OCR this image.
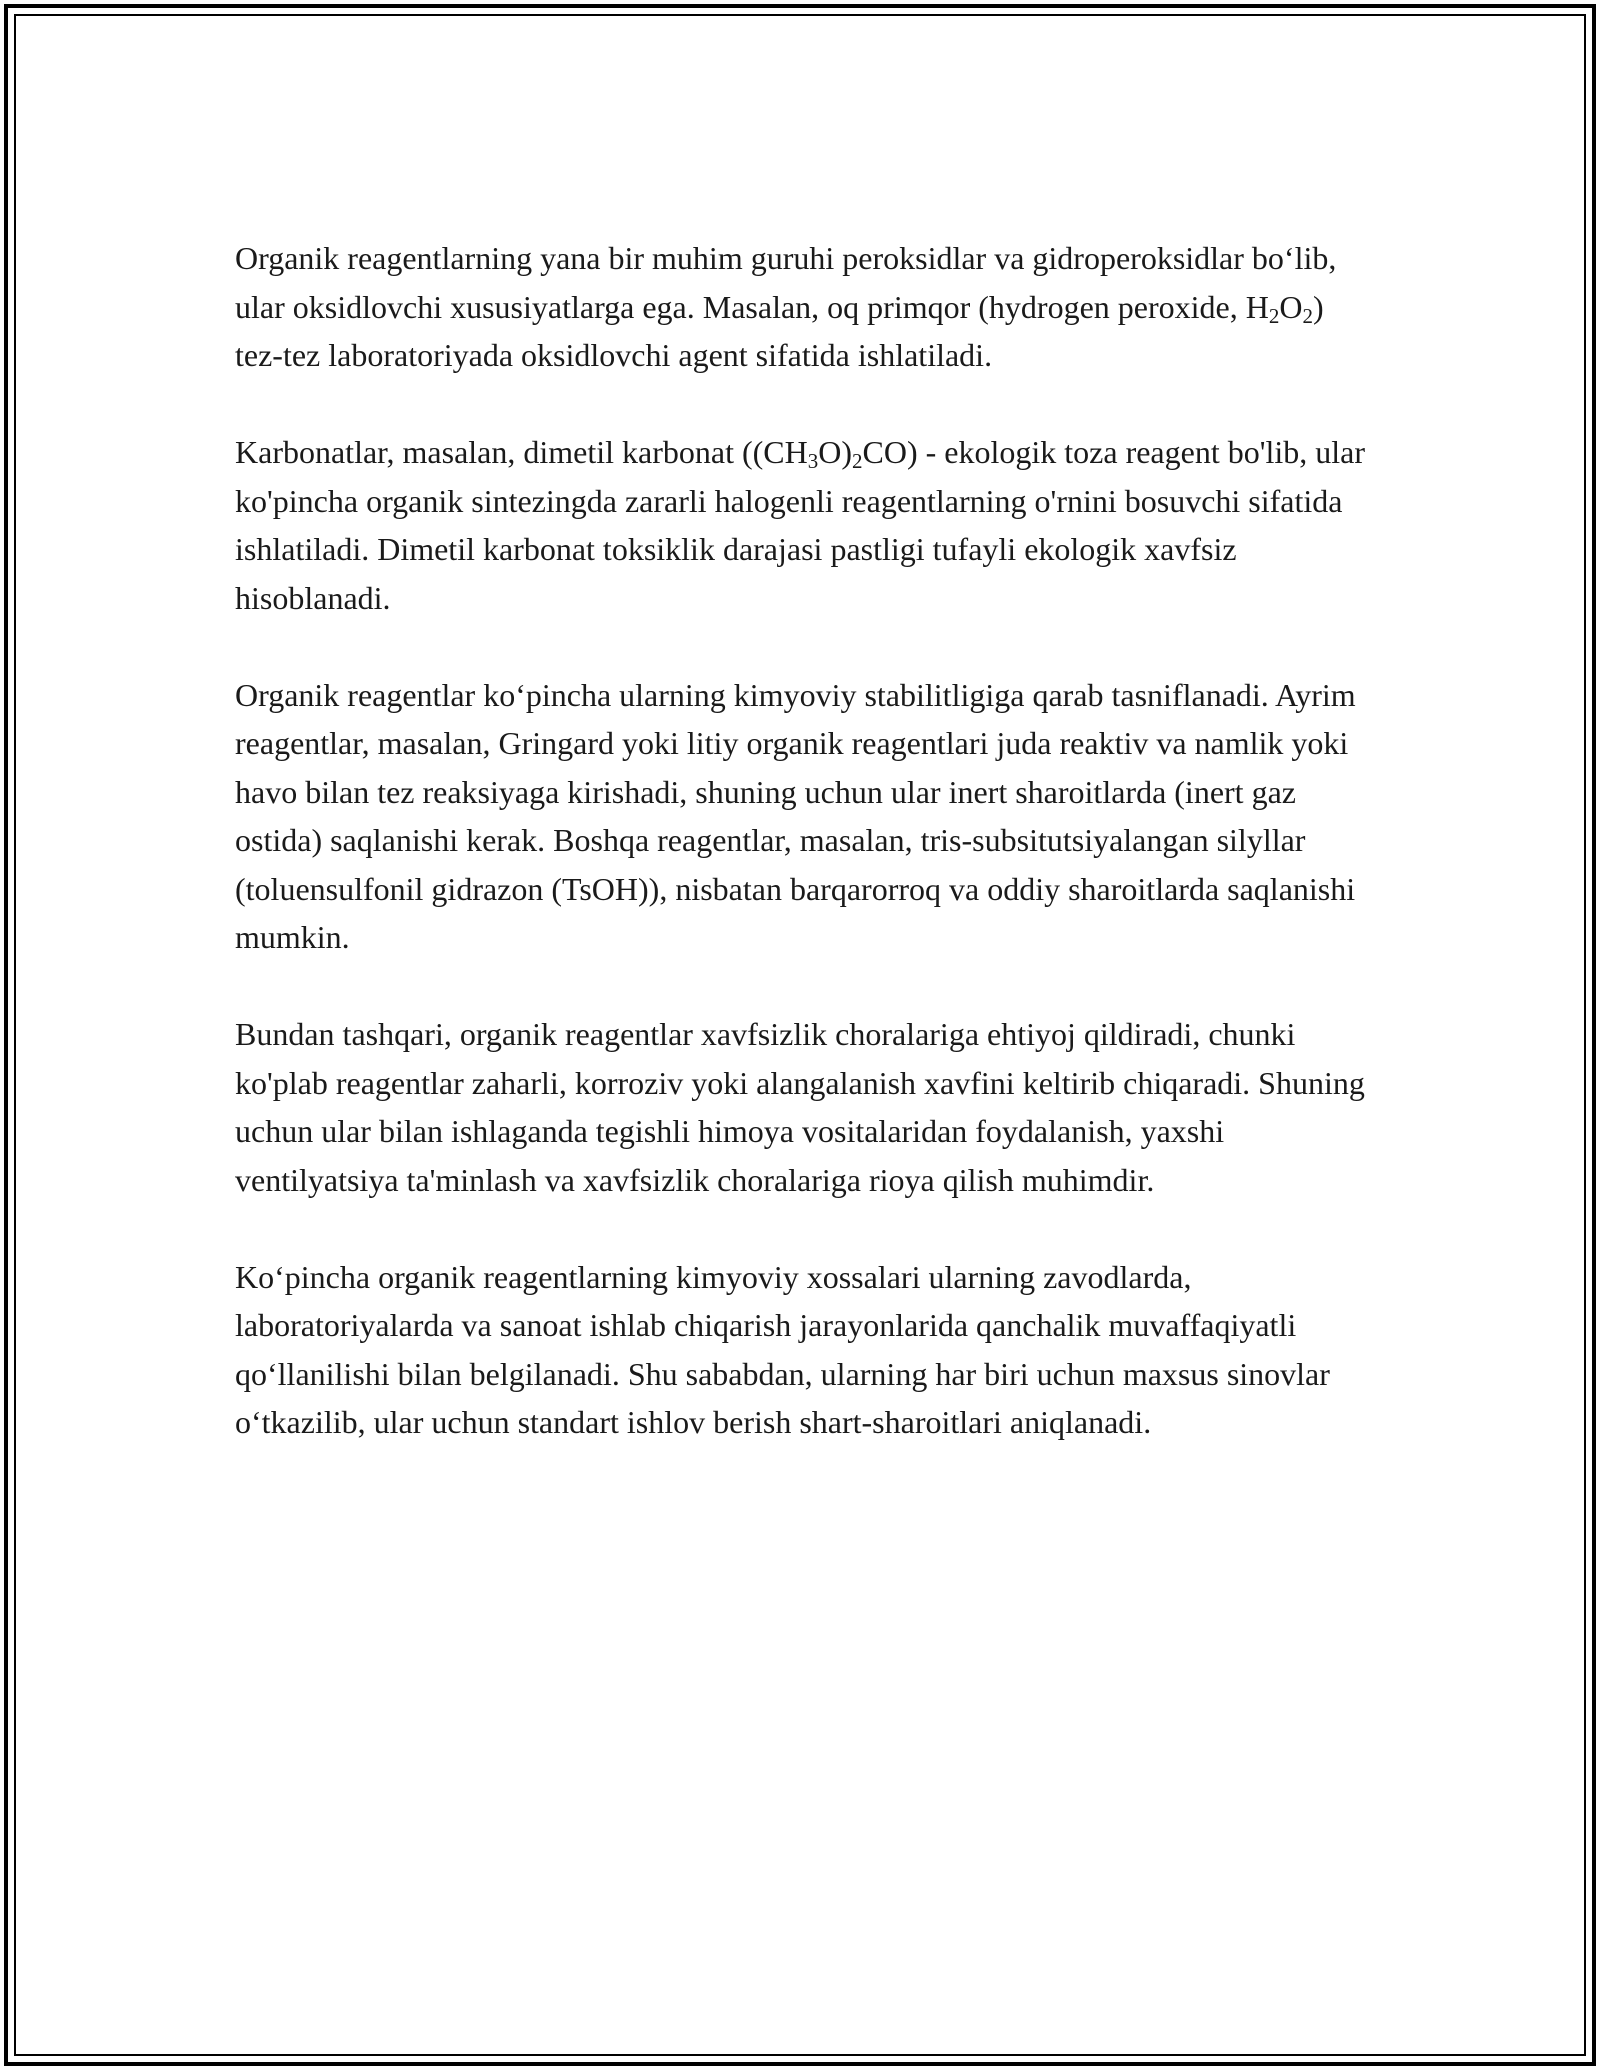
Organik reagentlarning yana bir muhim guruhi peroksidlar va gidroperoksidlar bo‘lib, ular oksidlovchi xususiyatlarga ega. Masalan, oq primqor (hydrogen peroxide, $H_2O_2$) tez-tez laboratoriyada oksidlovchi agent sifatida ishlatiladi.

Karbonatlar, masalan, dimetil karbonat $((CH_3O)_2CO)$ - ekologik toza reagent bo'lib, ular ko'pincha organik sintezingda zararli halogenli reagentlarning o'rnini bosuvchi sifatida ishlatiladi. Dimetil karbonat toksiklik darajasi pastligi tufayli ekologik xavfsiz hisoblanadi.

Organik reagentlar ko‘pincha ularning kimyoviy stabilitligiga qarab tasniflanadi. Ayrim reagentlar, masalan, Gringard yoki litiy organik reagentlari juda reaktiv va namlik yoki havo bilan tez reaksiyaga kirishadi, shuning uchun ular inert sharoitlarda (inert gaz ostida) saqlanishi kerak. Boshqa reagentlar, masalan, tris-subsitutsiyalangan silyllar (toluensulfonil gidrazon (TsOH)), nisbatan barqarorroq va oddiy sharoitlarda saqlanishi mumkin.

Bundan tashqari, organik reagentlar xavfsizlik choralariga ehtiyoj qildiradi, chunki ko'plab reagentlar zaharli, korroziv yoki alangalanish xavfini keltirib chiqaradi. Shuning uchun ular bilan ishlaganda tegishli himoya vositalaridan foydalanish, yaxshi ventilyatsiya ta'minlash va xavfsizlik choralariga rioya qilish muhimdir.

Ko‘pincha organik reagentlarning kimyoviy xossalari ularning zavodlarda, laboratoriyalarda va sanoat ishlab chiqarish jarayonlarida qanchalik muvaffaqiyatli qo‘llanilishi bilan belgilanadi. Shu sababdan, ularning har biri uchun maxsus sinovlar o‘tkazilib, ular uchun standart ishlov berish shart-sharoitlari aniqlanadi.
